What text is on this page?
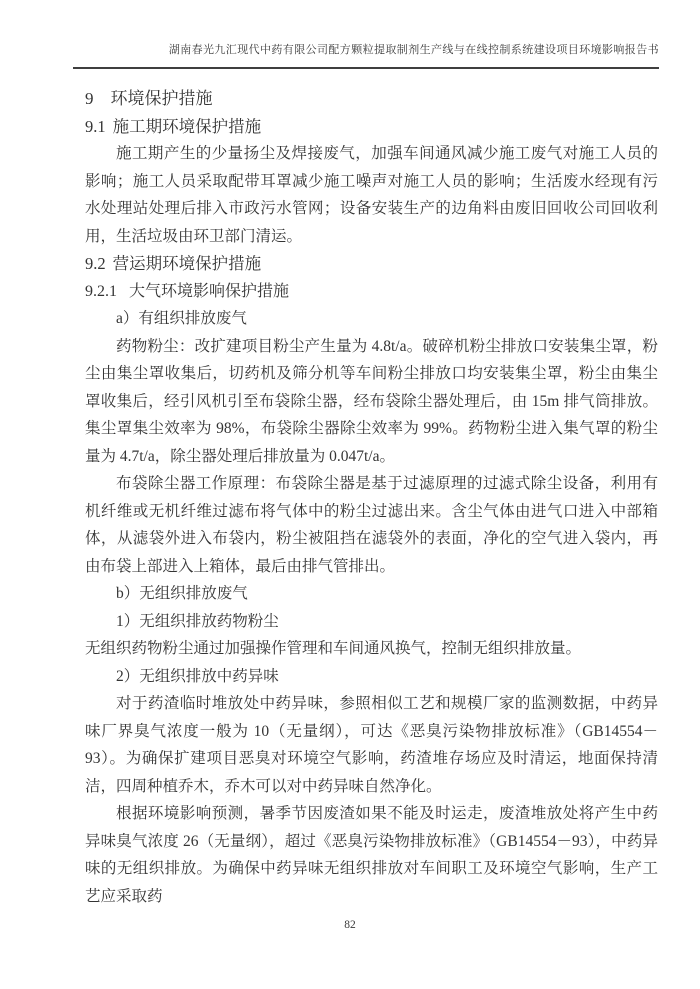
湖南春光九汇现代中药有限公司配方颗粒提取制剂生产线与在线控制系统建设项目环境影响报告书
9 环境保护措施
9.1 施工期环境保护措施
施工期产生的少量扬尘及焊接废气，加强车间通风减少施工废气对施工人员的影响；施工人员采取配带耳罩减少施工噪声对施工人员的影响；生活废水经现有污水处理站处理后排入市政污水管网；设备安装生产的边角料由废旧回收公司回收利用，生活垃圾由环卫部门清运。
9.2 营运期环境保护措施
9.2.1 大气环境影响保护措施
a）有组织排放废气
药物粉尘：改扩建项目粉尘产生量为 4.8t/a。破碎机粉尘排放口安装集尘罩，粉尘由集尘罩收集后，切药机及筛分机等车间粉尘排放口均安装集尘罩，粉尘由集尘罩收集后，经引风机引至布袋除尘器，经布袋除尘器处理后，由 15m 排气筒排放。集尘罩集尘效率为 98%，布袋除尘器除尘效率为 99%。药物粉尘进入集气罩的粉尘量为 4.7t/a，除尘器处理后排放量为 0.047t/a。
布袋除尘器工作原理：布袋除尘器是基于过滤原理的过滤式除尘设备，利用有机纤维或无机纤维过滤布将气体中的粉尘过滤出来。含尘气体由进气口进入中部箱体，从滤袋外进入布袋内，粉尘被阻挡在滤袋外的表面，净化的空气进入袋内，再由布袋上部进入上箱体，最后由排气管排出。
b）无组织排放废气
1）无组织排放药物粉尘
无组织药物粉尘通过加强操作管理和车间通风换气，控制无组织排放量。
2）无组织排放中药异味
对于药渣临时堆放处中药异味，参照相似工艺和规模厂家的监测数据，中药异味厂界臭气浓度一般为 10（无量纲），可达《恶臭污染物排放标准》（GB14554－93）。为确保扩建项目恶臭对环境空气影响，药渣堆存场应及时清运，地面保持清洁，四周种植乔木，乔木可以对中药异味自然净化。
根据环境影响预测，暑季节因废渣如果不能及时运走，废渣堆放处将产生中药异味臭气浓度 26（无量纲），超过《恶臭污染物排放标准》（GB14554－93），中药异味的无组织排放。为确保中药异味无组织排放对车间职工及环境空气影响，生产工艺应采取药
82
